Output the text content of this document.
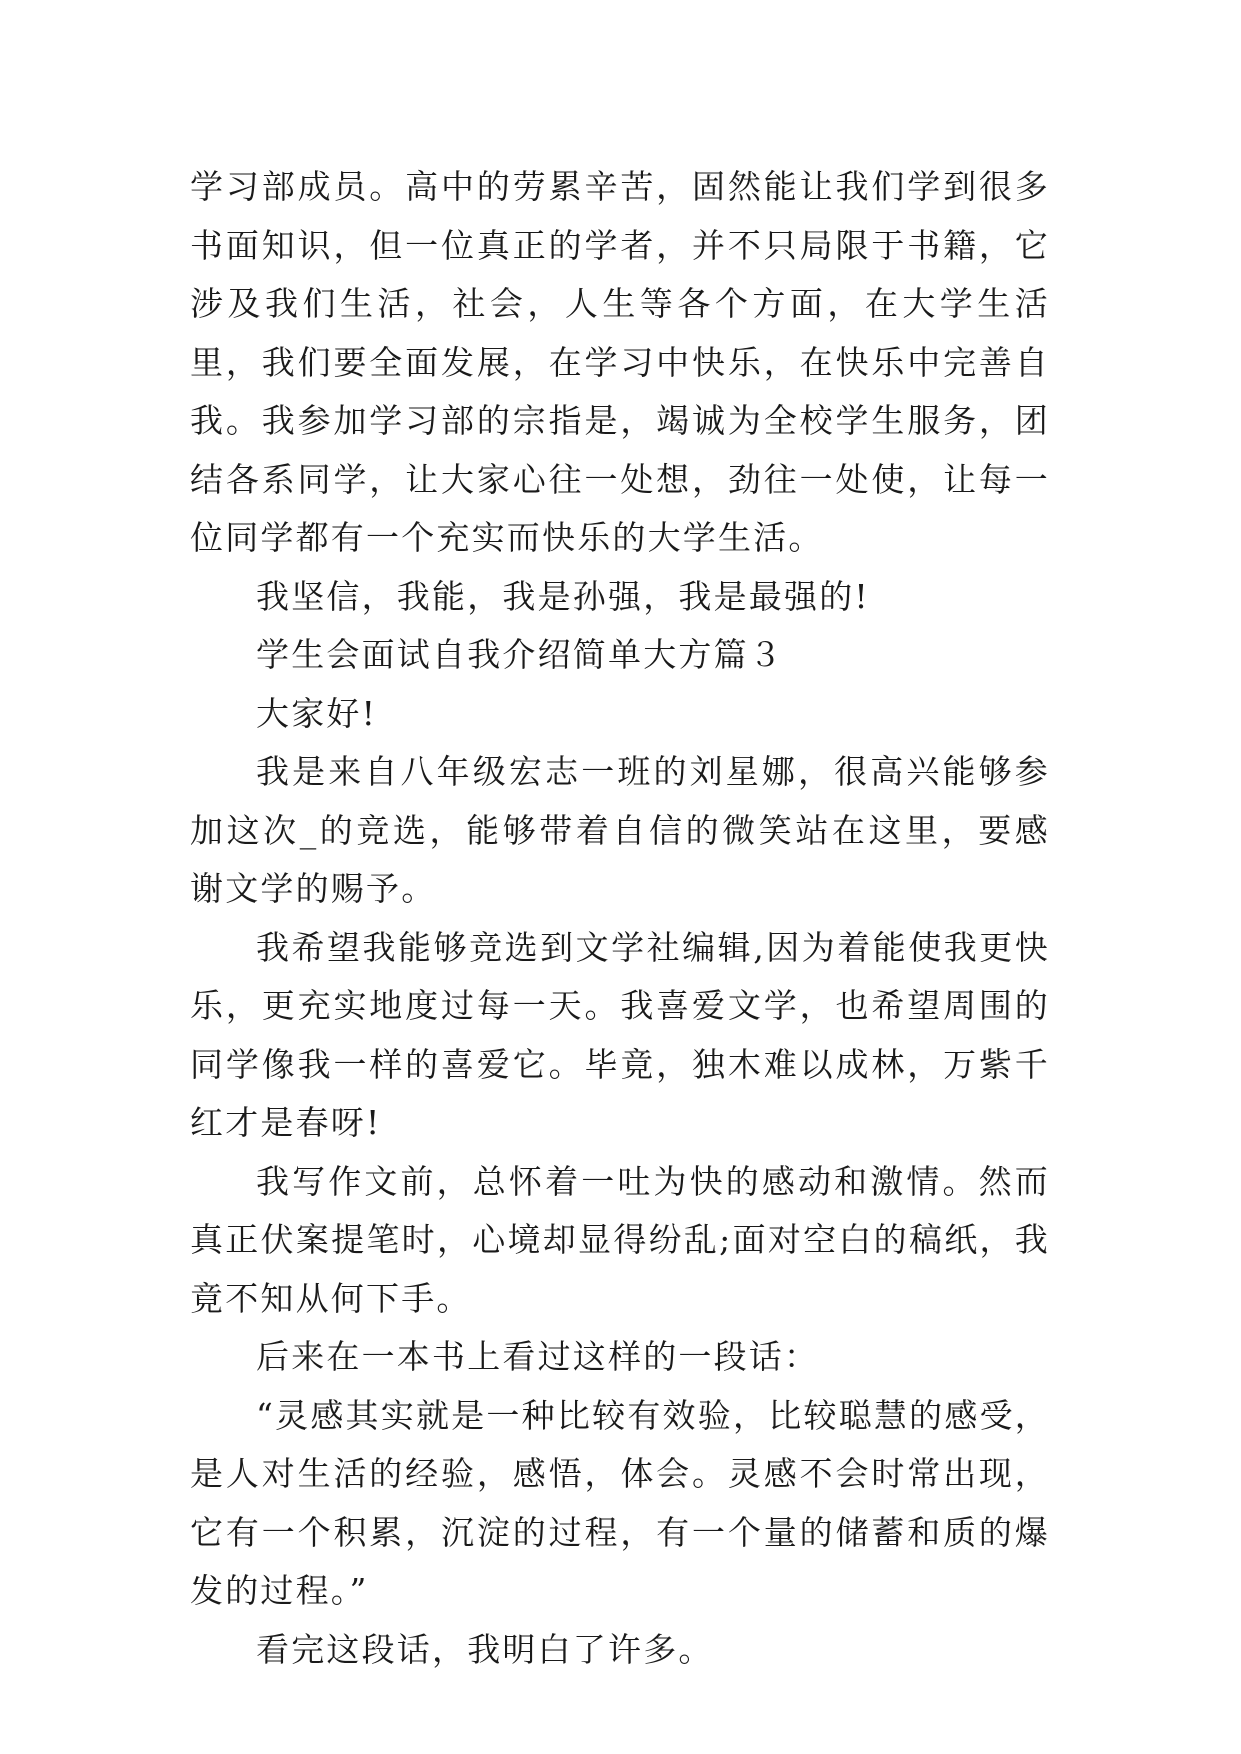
学习部成员。高中的劳累辛苦，固然能让我们学到很多书面知识，但一位真正的学者，并不只局限于书籍，它涉及我们生活，社会，人生等各个方面，在大学生活里，我们要全面发展，在学习中快乐，在快乐中完善自我。我参加学习部的宗指是，竭诚为全校学生服务，团结各系同学，让大家心往一处想，劲往一处使，让每一位同学都有一个充实而快乐的大学生活。

我坚信，我能，我是孙强，我是最强的!

学生会面试自我介绍简单大方篇３

大家好!

我是来自八年级宏志一班的刘星娜，很高兴能够参加这次_的竞选，能够带着自信的微笑站在这里，要感谢文学的赐予。

我希望我能够竞选到文学社编辑,因为着能使我更快乐，更充实地度过每一天。我喜爱文学，也希望周围的同学像我一样的喜爱它。毕竟，独木难以成林，万紫千红才是春呀!

我写作文前，总怀着一吐为快的感动和激情。然而真正伏案提笔时，心境却显得纷乱;面对空白的稿纸，我竟不知从何下手。

后来在一本书上看过这样的一段话：

“灵感其实就是一种比较有效验，比较聪慧的感受，是人对生活的经验，感悟，体会。灵感不会时常出现，它有一个积累，沉淀的过程，有一个量的储蓄和质的爆发的过程。”

看完这段话，我明白了许多。
